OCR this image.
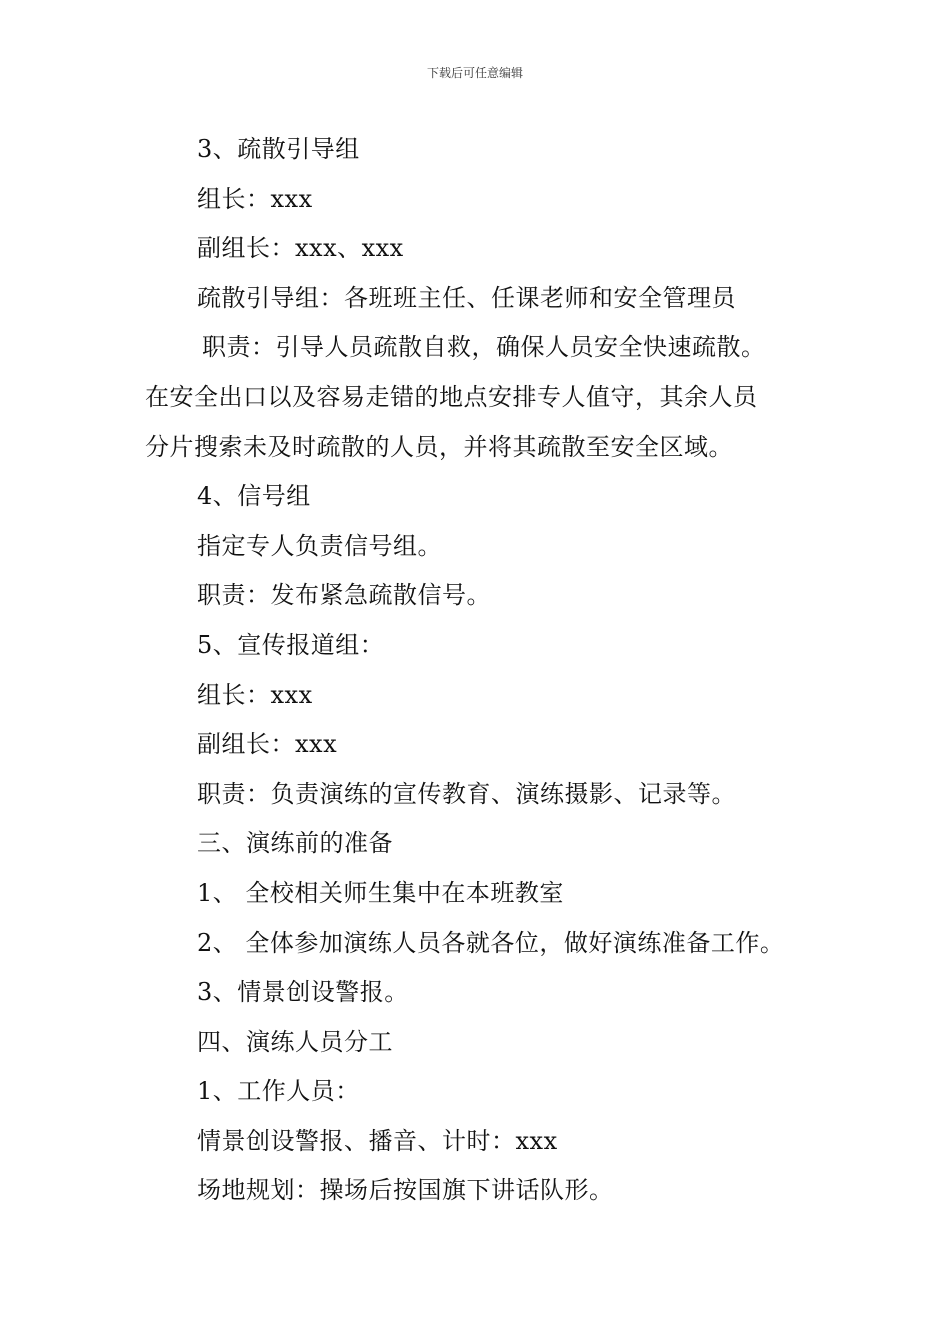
下载后可任意编辑
3、疏散引导组
组长：xxx
副组长：xxx、xxx
疏散引导组：各班班主任、任课老师和安全管理员
职责：引导人员疏散自救，确保人员安全快速疏散。
在安全出口以及容易走错的地点安排专人值守，其余人员
分片搜索未及时疏散的人员，并将其疏散至安全区域。
4、信号组
指定专人负责信号组。
职责：发布紧急疏散信号。
5、宣传报道组：
组长：xxx
副组长：xxx
职责：负责演练的宣传教育、演练摄影、记录等。
三、演练前的准备
1、 全校相关师生集中在本班教室
2、 全体参加演练人员各就各位，做好演练准备工作。
3、情景创设警报。
四、演练人员分工
1、工作人员：
情景创设警报、播音、计时：xxx
场地规划：操场后按国旗下讲话队形。
